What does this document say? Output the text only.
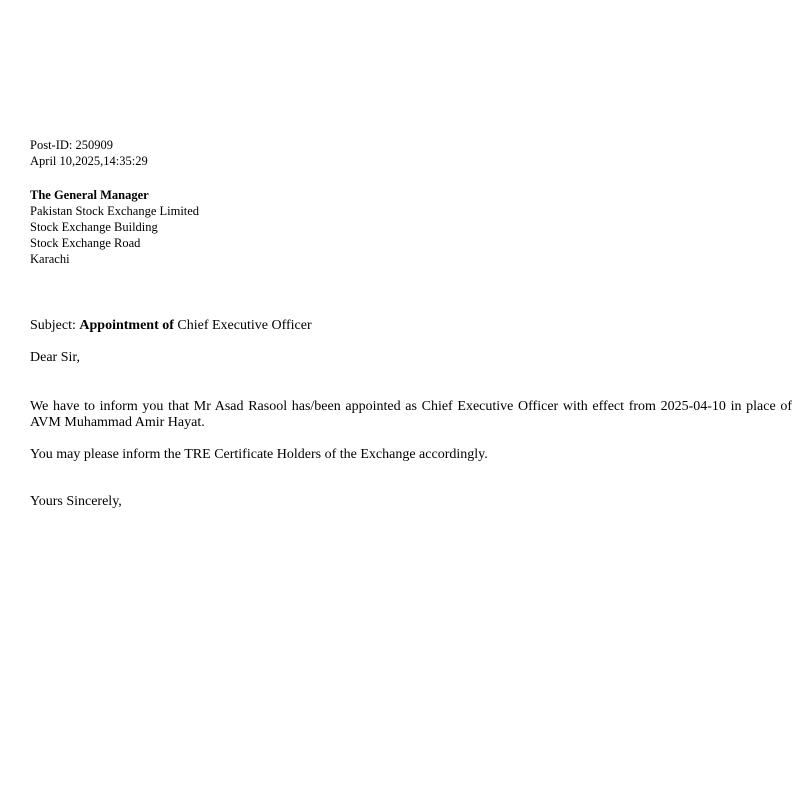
Post-ID: 250909
April 10,2025,14:35:29
The General Manager
Pakistan Stock Exchange Limited
Stock Exchange Building
Stock Exchange Road
Karachi
Subject: Appointment of Chief Executive Officer
Dear Sir,

We have to inform you that Mr Asad Rasool has/been appointed as Chief Executive Officer with effect from 2025-04-10 in place of AVM Muhammad Amir Hayat.

You may please inform the TRE Certificate Holders of the Exchange accordingly.

Yours Sincerely,
